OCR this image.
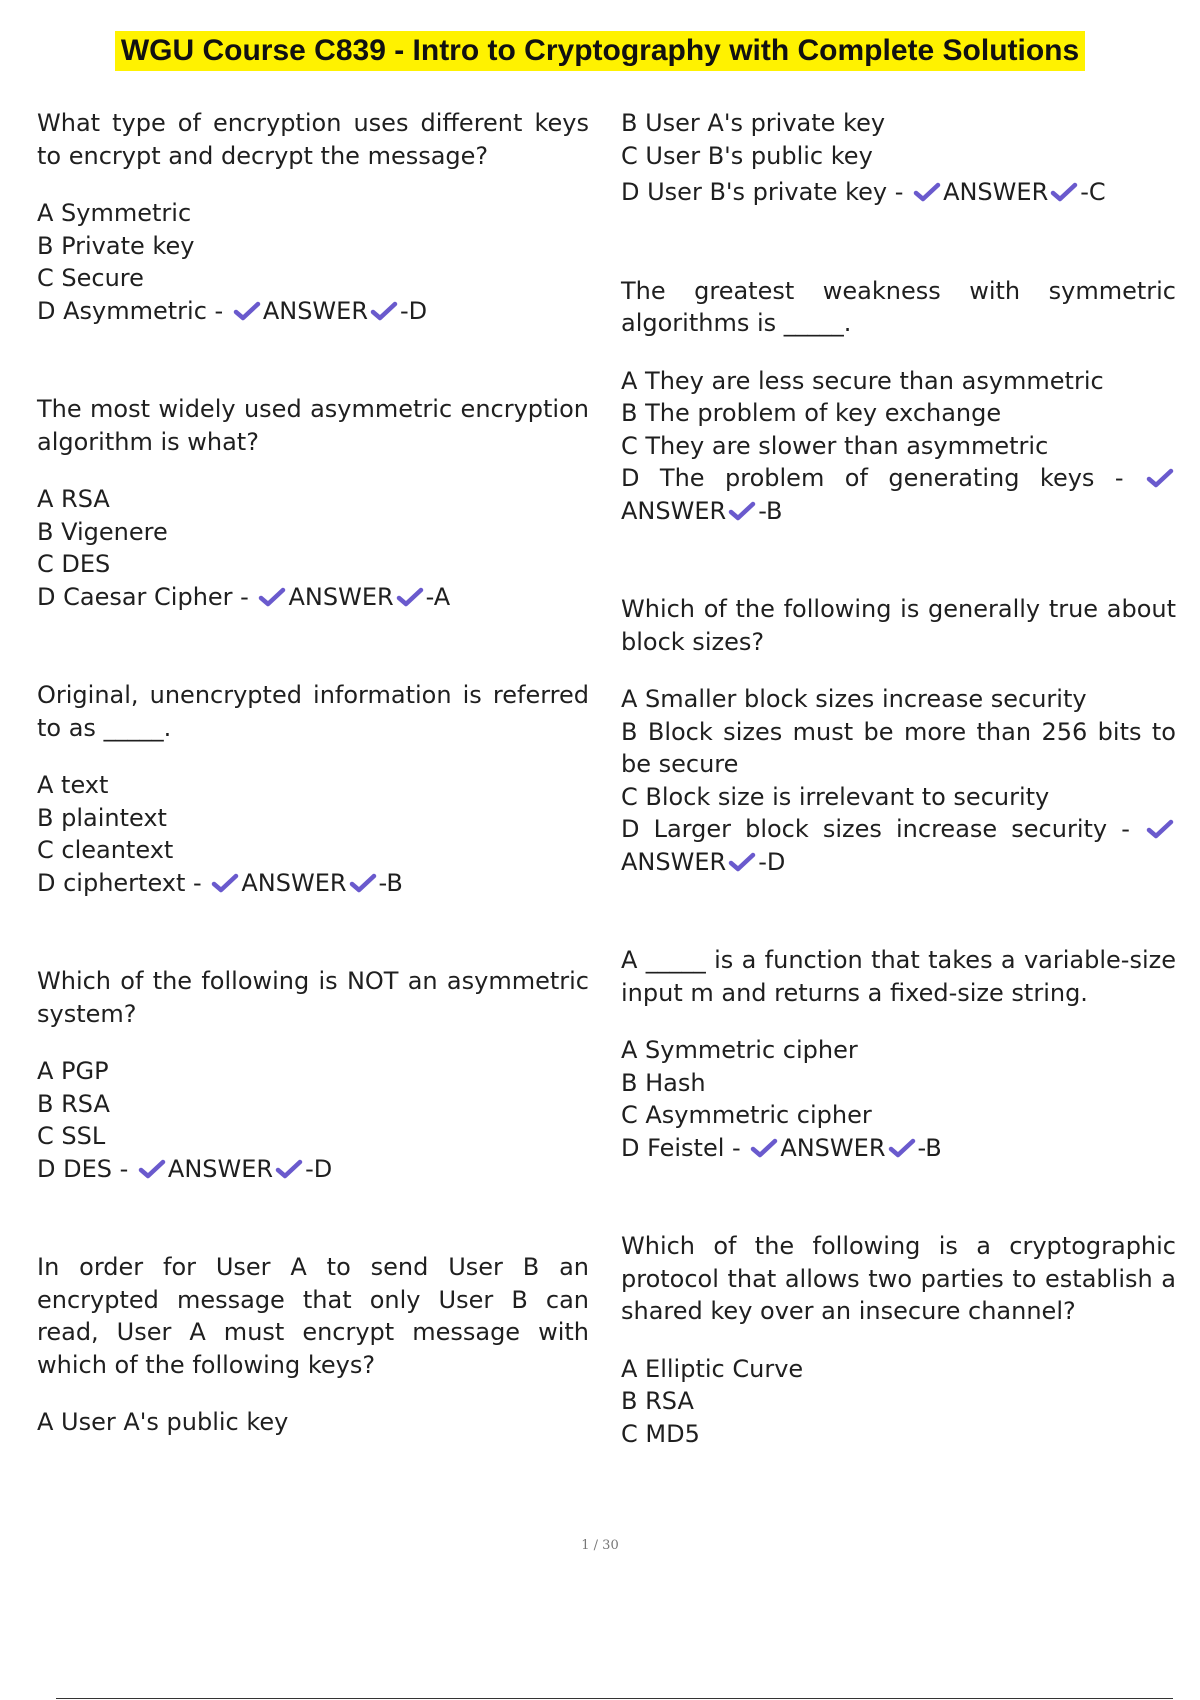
WGU Course C839 - Intro to Cryptography with Complete Solutions

What type of encryption uses different keys to encrypt and decrypt the message?

A Symmetric

B Private key

C Secure

D Asymmetric - ANSWER -D

The most widely used asymmetric encryption algorithm is what?

A RSA

B Vigenere

C DES

D Caesar Cipher - ANSWER -A

Original, unencrypted information is referred to as _____.

A text

B plaintext

C cleantext

D ciphertext - ANSWER -B

Which of the following is NOT an asymmetric system?

A PGP

B RSA

C SSL

D DES - ANSWER -D

In order for User A to send User B an encrypted message that only User B can read, User A must encrypt message with which of the following keys?

A User A's public key

B User A's private key

C User B's public key

D User B's private key - ANSWER -C

The greatest weakness with symmetric algorithms is _____.

A They are less secure than asymmetric

B The problem of key exchange

C They are slower than asymmetric

D The problem of generating keys -
ANSWER -B

Which of the following is generally true about block sizes?

A Smaller block sizes increase security

B Block sizes must be more than 256 bits to be secure

C Block size is irrelevant to security

D Larger block sizes increase security -
ANSWER -D

A _____ is a function that takes a variable-size input m and returns a fixed-size string.

A Symmetric cipher

B Hash

C Asymmetric cipher

D Feistel - ANSWER -B

Which of the following is a cryptographic protocol that allows two parties to establish a shared key over an insecure channel?

A Elliptic Curve

B RSA

C MD5

1 / 30
